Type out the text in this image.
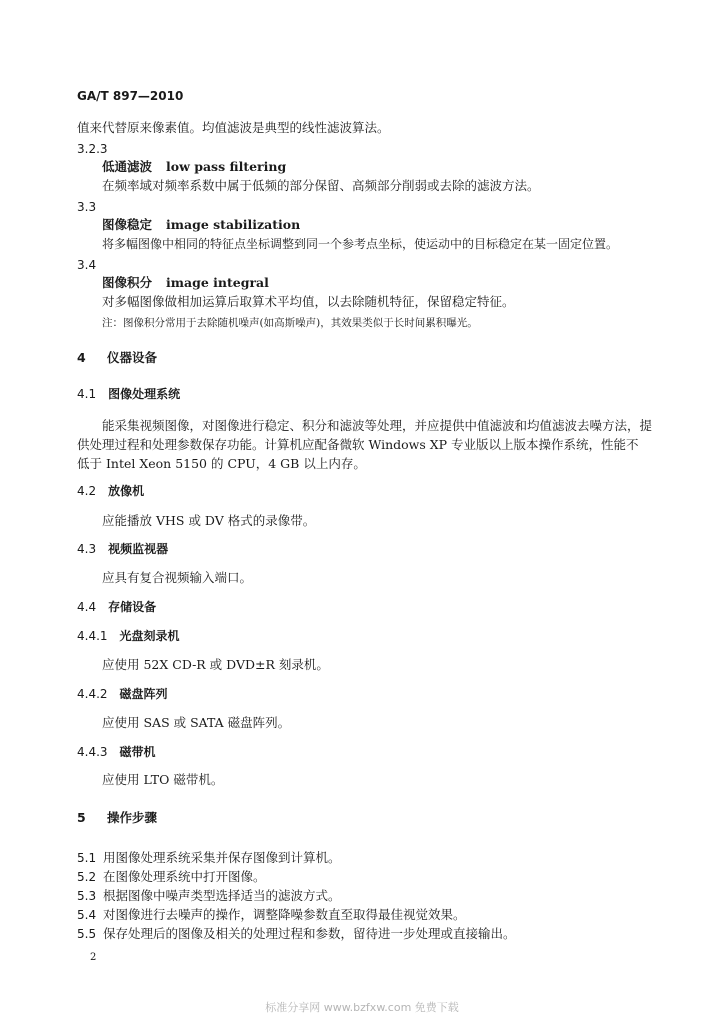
GA/T 897—2010
值来代替原来像素值。均值滤波是典型的线性滤波算法。
3.2.3
低通滤波 low pass filtering
在频率域对频率系数中属于低频的部分保留、高频部分削弱或去除的滤波方法。
3.3
图像稳定 image stabilization
将多幅图像中相同的特征点坐标调整到同一个参考点坐标，使运动中的目标稳定在某一固定位置。
3.4
图像积分 image integral
对多幅图像做相加运算后取算术平均值，以去除随机特征，保留稳定特征。
注：图像积分常用于去除随机噪声(如高斯噪声)，其效果类似于长时间累积曝光。
4 仪器设备
4.1 图像处理系统
能采集视频图像，对图像进行稳定、积分和滤波等处理，并应提供中值滤波和均值滤波去噪方法，提
供处理过程和处理参数保存功能。计算机应配备微软 Windows XP 专业版以上版本操作系统，性能不
低于 Intel Xeon 5150 的 CPU，4 GB 以上内存。
4.2 放像机
应能播放 VHS 或 DV 格式的录像带。
4.3 视频监视器
应具有复合视频输入端口。
4.4 存储设备
4.4.1 光盘刻录机
应使用 52X CD-R 或 DVD±R 刻录机。
4.4.2 磁盘阵列
应使用 SAS 或 SATA 磁盘阵列。
4.4.3 磁带机
应使用 LTO 磁带机。
5 操作步骤
5.1 用图像处理系统采集并保存图像到计算机。
5.2 在图像处理系统中打开图像。
5.3 根据图像中噪声类型选择适当的滤波方式。
5.4 对图像进行去噪声的操作，调整降噪参数直至取得最佳视觉效果。
5.5 保存处理后的图像及相关的处理过程和参数，留待进一步处理或直接输出。
2
标准分享网 www.bzfxw.com 免费下载
